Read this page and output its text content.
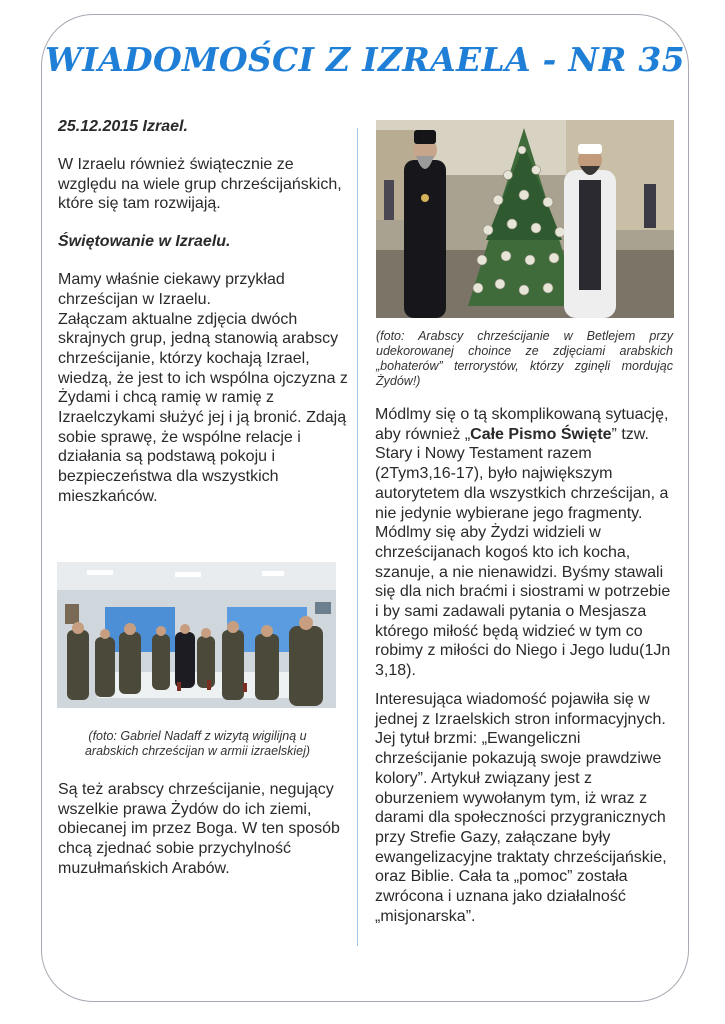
WIADOMOŚCI Z IZRAELA - NR 35

25.12.2015 Izrael.

W Izraelu również świątecznie ze względu na wiele grup chrześcijańskich, które się tam rozwijają.

Świętowanie w Izraelu.

Mamy właśnie ciekawy przykład chrześcijan w Izraelu.
Załączam aktualne zdjęcia dwóch skrajnych grup, jedną stanowią arabscy chrześcijanie, którzy kochają Izrael, wiedzą, że jest to ich wspólna ojczyzna z Żydami i chcą ramię w ramię z Izraelczykami służyć jej i ją bronić. Zdają sobie sprawę, że wspólne relacje i działania są podstawą pokoju i bezpieczeństwa dla wszystkich mieszkańców.

(foto: Gabriel Nadaff z wizytą wigilijną u arabskich chrześcijan w armii izraelskiej)

Są też arabscy chrześcijanie, negujący wszelkie prawa Żydów do ich ziemi, obiecanej im przez Boga. W ten sposób chcą zjednać sobie przychylność muzułmańskich Arabów.

(foto: Arabscy chrześcijanie w Betlejem przy udekorowanej choince ze zdjęciami arabskich „bohaterów” terrorystów, którzy zginęli mordując Żydów!)

Módlmy się o tą skomplikowaną sytuację, aby również „Całe Pismo Święte” tzw. Stary i Nowy Testament razem (2Tym3,16-17), było największym autorytetem dla wszystkich chrześcijan, a nie jedynie wybierane jego fragmenty. Módlmy się aby Żydzi widzieli w chrześcijanach kogoś kto ich kocha, szanuje, a nie nienawidzi. Byśmy stawali się dla nich braćmi i siostrami w potrzebie i by sami zadawali pytania o Mesjasza którego miłość będą widzieć w tym co robimy z miłości do Niego i Jego ludu(1Jn 3,18).

Interesująca wiadomość pojawiła się w jednej z Izraelskich stron informacyjnych. Jej tytuł brzmi: „Ewangeliczni chrześcijanie pokazują swoje prawdziwe kolory”. Artykuł związany jest z oburzeniem wywołanym tym, iż wraz z darami dla społeczności przygranicznych przy Strefie Gazy, załączane były ewangelizacyjne traktaty chrześcijańskie, oraz Biblie. Cała ta „pomoc” została zwrócona i uznana jako działalność „misjonarska”.
